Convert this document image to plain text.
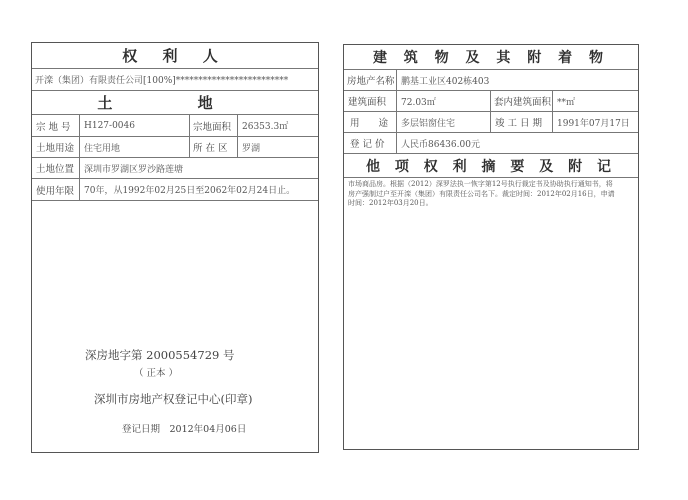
权 利 人
开滦（集团）有限责任公司[100%]*************************
土 地
宗 地 号	H127-0046	宗地面积	26353.3㎡
土地用途	住宅用地	所 在 区	罗湖
土地位置	深圳市罗湖区罗沙路莲塘
使用年限	70年，从1992年02月25日至2062年02月24日止。
深房地字第 2000554729 号
（ 正本 ）
深圳市房地产权登记中心(印章)
登记日期　2012年04月06日
建 筑 物 及 其 附 着 物
房地产名称 鹏基工业区402栋403
建筑面积	72.03㎡	套内建筑面积 **㎡
用　　途	多层铝窗住宅	竣 工 日 期	1991年07月17日
登 记 价	人民币86436.00元
他 项 权 利 摘 要 及 附 记
市场商品房。根据（2012）深罗法执一恢字第12号执行裁定书及协助执行通知书，将
房产强制过户至开滦（集团）有限责任公司名下。裁定时间：2012年02月16日，申请
时间：2012年03月20日。
